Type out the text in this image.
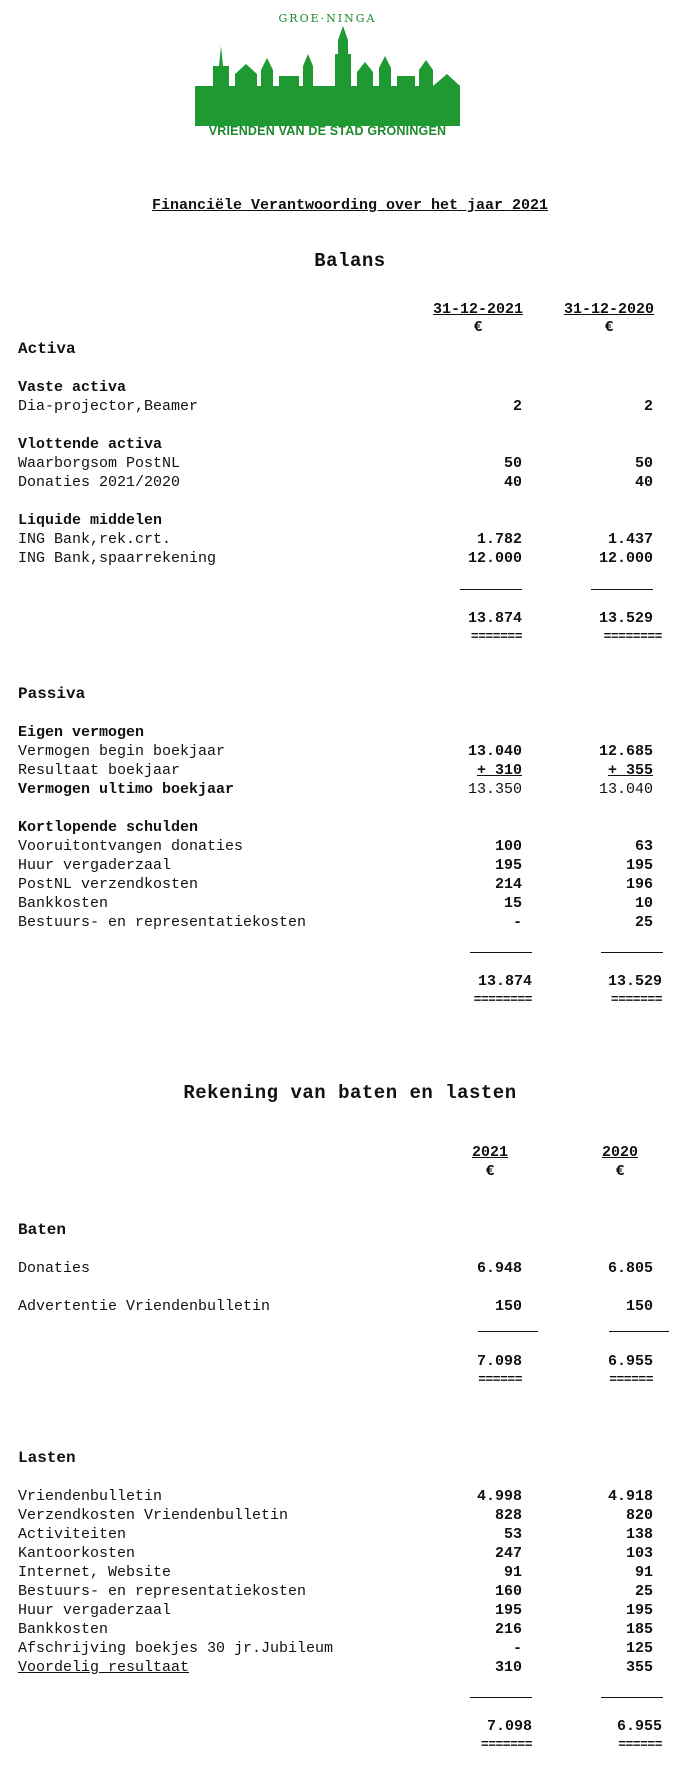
GROE·NINGA
VRIENDEN VAN DE STAD GRONINGEN
Financiële Verantwoording over het jaar 2021
Balans
31-12-2021	31-12-2020
€	€
Activa
Vaste activa
Dia-projector,Beamer	2	2
Vlottende activa
Waarborgsom PostNL	50	50
Donaties 2021/2020	40	40
Liquide middelen
ING Bank,rek.crt.	1.782	1.437
ING Bank,spaarrekening	12.000	12.000
13.874	13.529
=======	========
Passiva
Eigen vermogen
Vermogen begin boekjaar	13.040	12.685
Resultaat boekjaar	+ 310	+ 355
Vermogen ultimo boekjaar	13.350	13.040
Kortlopende schulden
Vooruitontvangen donaties	100	63
Huur vergaderzaal	195	195
PostNL verzendkosten	214	196
Bankkosten	15	10
Bestuurs- en representatiekosten	-	25
13.874	13.529
========	=======
Rekening van baten en lasten
2021	2020
€	€
Baten
Donaties	6.948	6.805
Advertentie Vriendenbulletin	150	150
7.098	6.955
======	======
Lasten
Vriendenbulletin	4.998	4.918
Verzendkosten Vriendenbulletin	828	820
Activiteiten	53	138
Kantoorkosten	247	103
Internet, Website	91	91
Bestuurs- en representatiekosten	160	25
Huur vergaderzaal	195	195
Bankkosten	216	185
Afschrijving boekjes 30 jr.Jubileum	-	125
Voordelig resultaat	310	355
7.098	6.955
=======	======
